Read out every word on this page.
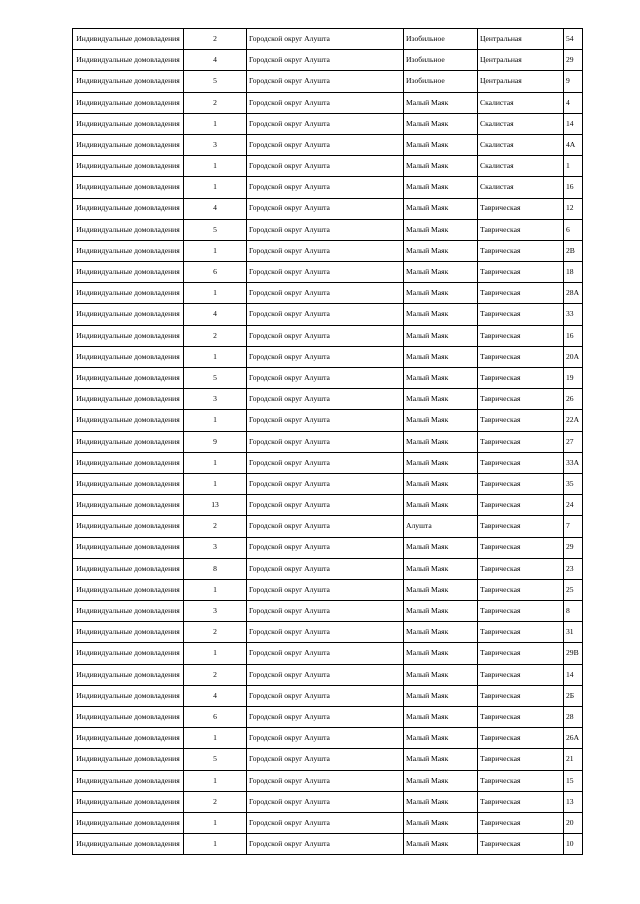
Индивидуальные домовладения	2	Городской округ Алушта	Изобильное	Центральная	54
Индивидуальные домовладения	4	Городской округ Алушта	Изобильное	Центральная	29
Индивидуальные домовладения	5	Городской округ Алушта	Изобильное	Центральная	9
Индивидуальные домовладения	2	Городской округ Алушта	Малый Маяк	Скалистая	4
Индивидуальные домовладения	1	Городской округ Алушта	Малый Маяк	Скалистая	14
Индивидуальные домовладения	3	Городской округ Алушта	Малый Маяк	Скалистая	4А
Индивидуальные домовладения	1	Городской округ Алушта	Малый Маяк	Скалистая	1
Индивидуальные домовладения	1	Городской округ Алушта	Малый Маяк	Скалистая	16
Индивидуальные домовладения	4	Городской округ Алушта	Малый Маяк	Таврическая	12
Индивидуальные домовладения	5	Городской округ Алушта	Малый Маяк	Таврическая	6
Индивидуальные домовладения	1	Городской округ Алушта	Малый Маяк	Таврическая	2В
Индивидуальные домовладения	6	Городской округ Алушта	Малый Маяк	Таврическая	18
Индивидуальные домовладения	1	Городской округ Алушта	Малый Маяк	Таврическая	28А
Индивидуальные домовладения	4	Городской округ Алушта	Малый Маяк	Таврическая	33
Индивидуальные домовладения	2	Городской округ Алушта	Малый Маяк	Таврическая	16
Индивидуальные домовладения	1	Городской округ Алушта	Малый Маяк	Таврическая	20А
Индивидуальные домовладения	5	Городской округ Алушта	Малый Маяк	Таврическая	19
Индивидуальные домовладения	3	Городской округ Алушта	Малый Маяк	Таврическая	26
Индивидуальные домовладения	1	Городской округ Алушта	Малый Маяк	Таврическая	22А
Индивидуальные домовладения	9	Городской округ Алушта	Малый Маяк	Таврическая	27
Индивидуальные домовладения	1	Городской округ Алушта	Малый Маяк	Таврическая	33А
Индивидуальные домовладения	1	Городской округ Алушта	Малый Маяк	Таврическая	35
Индивидуальные домовладения	13	Городской округ Алушта	Малый Маяк	Таврическая	24
Индивидуальные домовладения	2	Городской округ Алушта	Алушта	Таврическая	7
Индивидуальные домовладения	3	Городской округ Алушта	Малый Маяк	Таврическая	29
Индивидуальные домовладения	8	Городской округ Алушта	Малый Маяк	Таврическая	23
Индивидуальные домовладения	1	Городской округ Алушта	Малый Маяк	Таврическая	25
Индивидуальные домовладения	3	Городской округ Алушта	Малый Маяк	Таврическая	8
Индивидуальные домовладения	2	Городской округ Алушта	Малый Маяк	Таврическая	31
Индивидуальные домовладения	1	Городской округ Алушта	Малый Маяк	Таврическая	29В
Индивидуальные домовладения	2	Городской округ Алушта	Малый Маяк	Таврическая	14
Индивидуальные домовладения	4	Городской округ Алушта	Малый Маяк	Таврическая	2Б
Индивидуальные домовладения	6	Городской округ Алушта	Малый Маяк	Таврическая	28
Индивидуальные домовладения	1	Городской округ Алушта	Малый Маяк	Таврическая	26А
Индивидуальные домовладения	5	Городской округ Алушта	Малый Маяк	Таврическая	21
Индивидуальные домовладения	1	Городской округ Алушта	Малый Маяк	Таврическая	15
Индивидуальные домовладения	2	Городской округ Алушта	Малый Маяк	Таврическая	13
Индивидуальные домовладения	1	Городской округ Алушта	Малый Маяк	Таврическая	20
Индивидуальные домовладения	1	Городской округ Алушта	Малый Маяк	Таврическая	10
